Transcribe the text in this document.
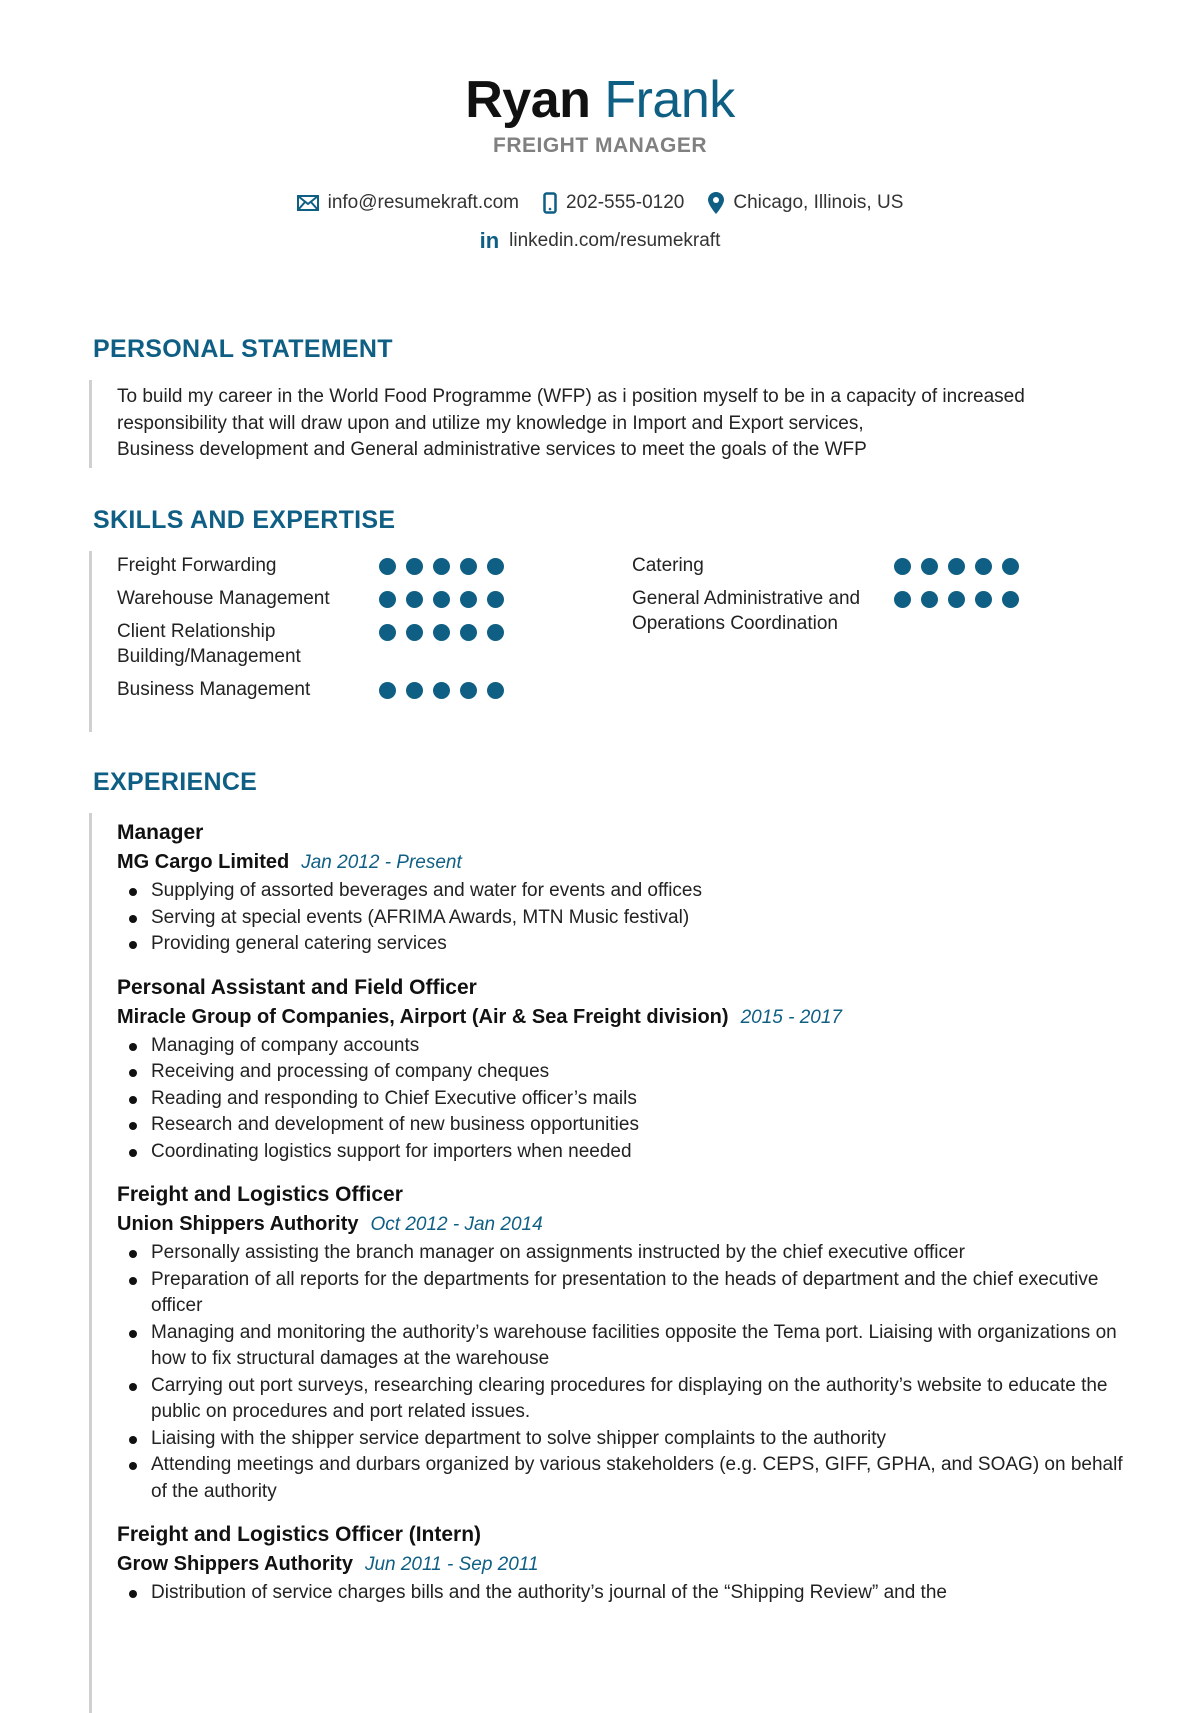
Ryan Frank
FREIGHT MANAGER
info@resumekraft.com 202-555-0120	Chicago, Illinois, US
in linkedin.com/resumekraft
PERSONAL STATEMENT
To build my career in the World Food Programme (WFP) as i position myself to be in a capacity of increased
responsibility that will draw upon and utilize my knowledge in Import and Export services,
Business development and General administrative services to meet the goals of the WFP
SKILLS AND EXPERTISE
Freight Forwarding
Warehouse Management
Client Relationship Building/Management
Business Management
Catering
General Administrative and Operations Coordination
EXPERIENCE
Manager
MG Cargo Limited Jan 2012 - Present
Supplying of assorted beverages and water for events and offices
Serving at special events (AFRIMA Awards, MTN Music festival)
Providing general catering services
Personal Assistant and Field Officer
Miracle Group of Companies, Airport (Air & Sea Freight division) 2015 - 2017
Managing of company accounts
Receiving and processing of company cheques
Reading and responding to Chief Executive officer’s mails
Research and development of new business opportunities
Coordinating logistics support for importers when needed
Freight and Logistics Officer
Union Shippers Authority Oct 2012 - Jan 2014
Personally assisting the branch manager on assignments instructed by the chief executive officer
Preparation of all reports for the departments for presentation to the heads of department and the chief executive officer
Managing and monitoring the authority’s warehouse facilities opposite the Tema port. Liaising with organizations on how to fix structural damages at the warehouse
Carrying out port surveys, researching clearing procedures for displaying on the authority’s website to educate the public on procedures and port related issues.
Liaising with the shipper service department to solve shipper complaints to the authority
Attending meetings and durbars organized by various stakeholders (e.g. CEPS, GIFF, GPHA, and SOAG) on behalf of the authority
Freight and Logistics Officer (Intern)
Grow Shippers Authority Jun 2011 - Sep 2011
Distribution of service charges bills and the authority’s journal of the “Shipping Review” and the
